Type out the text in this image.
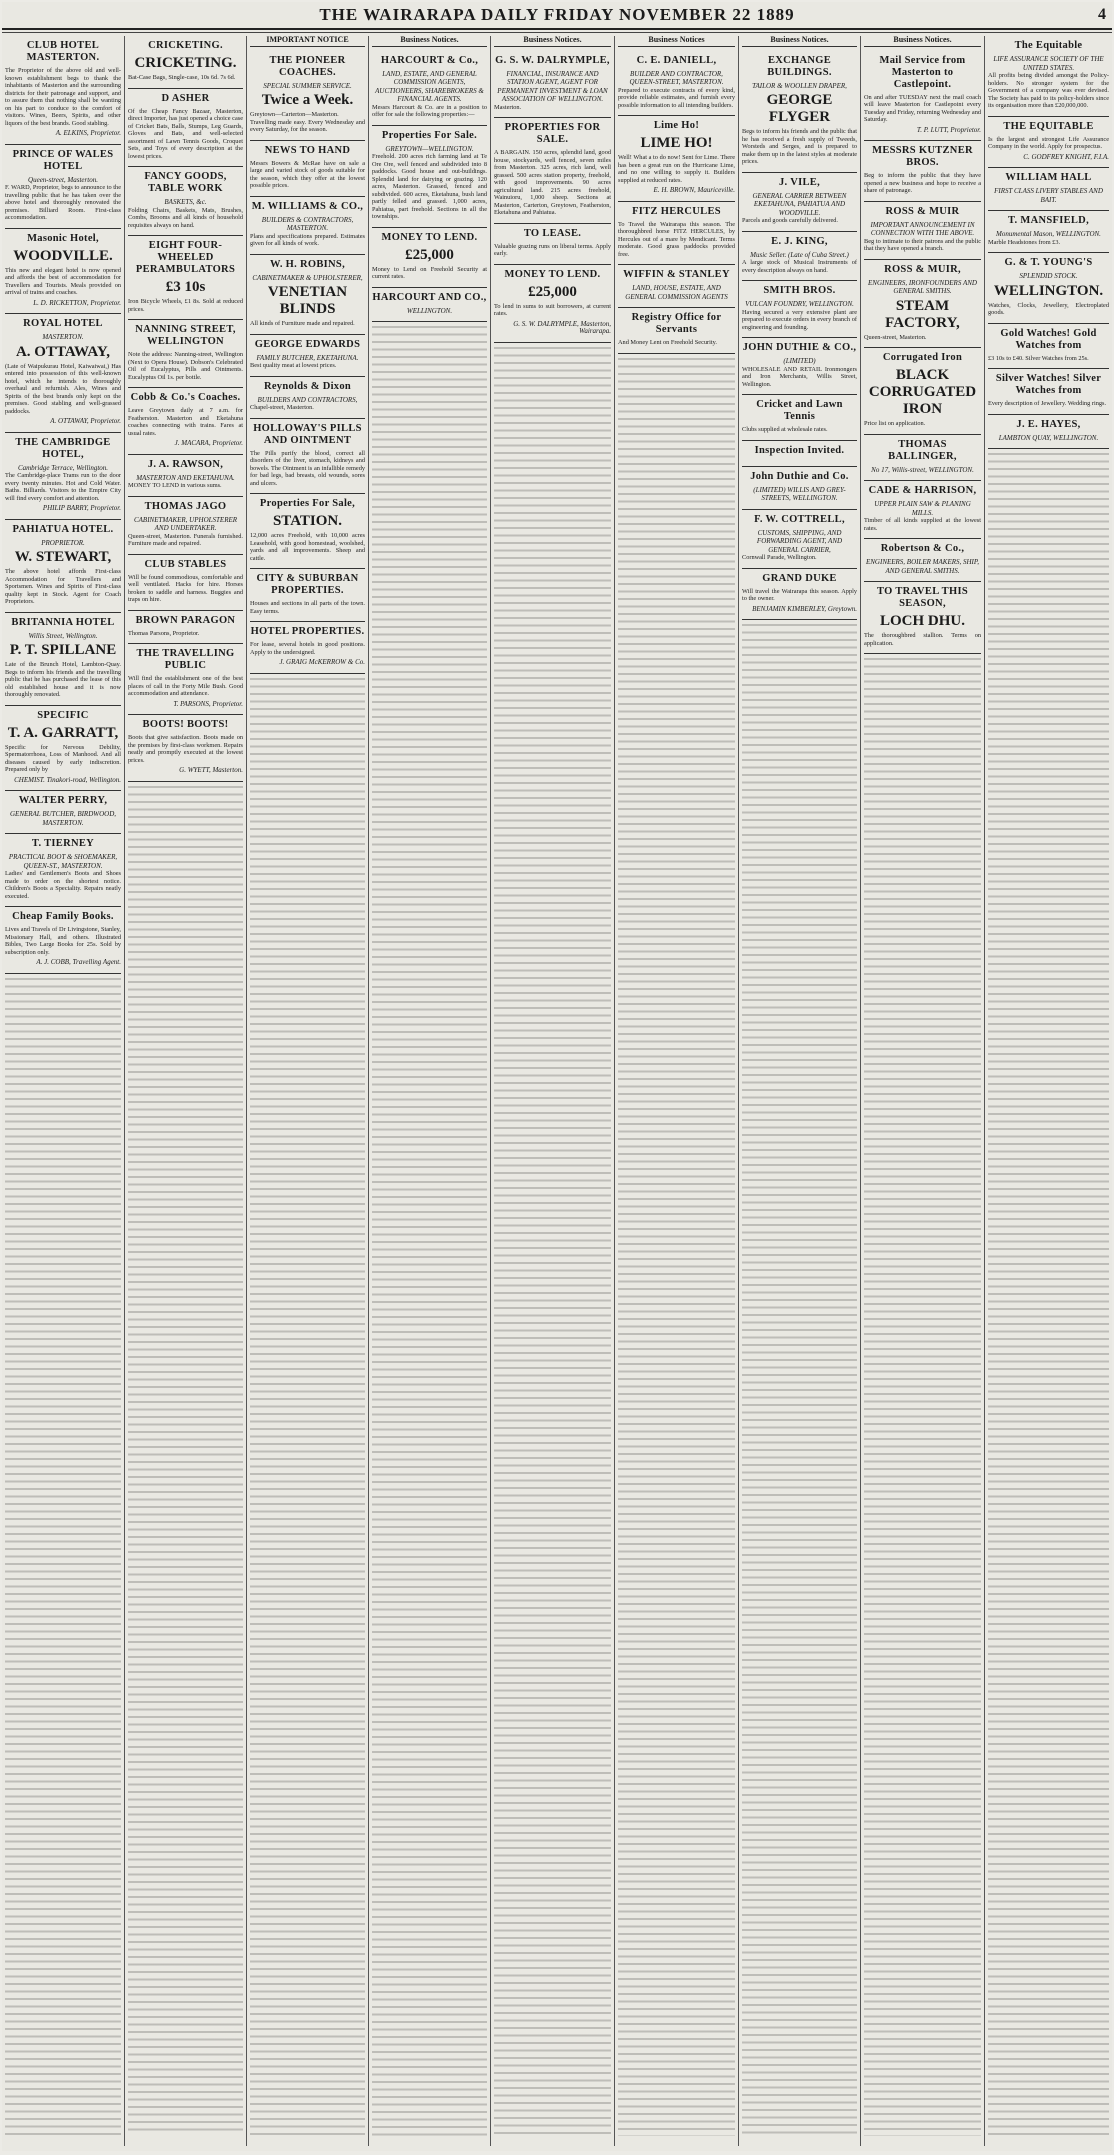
THE WAIRARAPA DAILY FRIDAY NOVEMBER 22 1889	4
CLUB HOTEL MASTERTON.

The Proprietor of the above old and well-known establishment begs to thank the inhabitants of Masterton and the surrounding districts for their patronage and support, and to assure them that nothing shall be wanting on his part to conduce to the comfort of visitors. Wines, Beers, Spirits, and other liquors of the best brands. Good stabling.

A. ELKINS, Proprietor.
PRINCE OF WALES HOTEL
Queen-street, Masterton.

F. WARD, Proprietor, begs to announce to the travelling public that he has taken over the above hotel and thoroughly renovated the premises. Billiard Room. First-class accommodation.

Masonic Hotel,
WOODVILLE.

This new and elegant hotel is now opened and affords the best of accommodation for Travellers and Tourists. Meals provided on arrival of trains and coaches.

L. D. RICKETTON, Proprietor.
ROYAL HOTEL
MASTERTON.
A. OTTAWAY,

(Late of Waipukurau Hotel, Kaiwaiwai,) Has entered into possession of this well-known hotel, which he intends to thoroughly overhaul and refurnish. Ales, Wines and Spirits of the best brands only kept on the premises. Good stabling and well-grassed paddocks.

A. OTTAWAY, Proprietor.
THE CAMBRIDGE HOTEL,
Cambridge Terrace, Wellington.

The Cambridge-place Trams run to the door every twenty minutes. Hot and Cold Water. Baths. Billiards. Visitors to the Empire City will find every comfort and attention.

PHILIP BARRY, Proprietor.
PAHIATUA HOTEL.
PROPRIETOR.
W. STEWART,

The above hotel affords First-class Accommodation for Travellers and Sportsmen. Wines and Spirits of First-class quality kept in Stock. Agent for Coach Proprietors.

BRITANNIA HOTEL
Willis Street, Wellington.
P. T. SPILLANE

Late of the Brunch Hotel, Lambton-Quay. Begs to inform his friends and the travelling public that he has purchased the lease of this old established house and it is now thoroughly renovated.

SPECIFIC
T. A. GARRATT,

Specific for Nervous Debility, Spermatorrhoea, Loss of Manhood. And all diseases caused by early indiscretion. Prepared only by

CHEMIST. Tinakori-road, Wellington.
WALTER PERRY,
GENERAL BUTCHER, BIRDWOOD, MASTERTON.
T. TIERNEY
PRACTICAL BOOT & SHOEMAKER, QUEEN-ST., MASTERTON.

Ladies' and Gentlemen's Boots and Shoes made to order on the shortest notice. Children's Boots a Speciality. Repairs neatly executed.

Cheap Family Books.

Lives and Travels of Dr Livingstone, Stanley, Missionary Hall, and others. Illustrated Bibles, Two Large Books for 25s. Sold by subscription only.

A. J. COBB, Travelling Agent.
CRICKETING.
CRICKETING.

Bat-Case Bags, Single-case, 10s 6d. 7s 6d.

D ASHER

Of the Cheap Fancy Bazaar, Masterton, direct Importer, has just opened a choice case of Cricket Bats, Balls, Stumps, Leg Guards, Gloves and Bats, and well-selected assortment of Lawn Tennis Goods, Croquet Sets, and Toys of every description at the lowest prices.

FANCY GOODS, TABLE WORK
BASKETS, &c.

Folding Chairs, Baskets, Mats, Brushes, Combs, Brooms and all kinds of household requisites always on hand.

EIGHT FOUR-WHEELED PERAMBULATORS
£3 10s

Iron Bicycle Wheels, £1 8s. Sold at reduced prices.

NANNING STREET, WELLINGTON

Note the address: Nanning-street, Wellington (Next to Opera House). Dobson's Celebrated Oil of Eucalyptus, Pills and Ointments. Eucalyptus Oil 1s. per bottle.

Cobb & Co.'s Coaches.

Leave Greytown daily at 7 a.m. for Featherston. Masterton and Eketahuna coaches connecting with trains. Fares at usual rates.

J. MACARA, Proprietor.
J. A. RAWSON,
MASTERTON AND EKETAHUNA.

MONEY TO LEND in various sums.

THOMAS JAGO
CABINETMAKER, UPHOLSTERER AND UNDERTAKER.

Queen-street, Masterton. Funerals furnished. Furniture made and repaired.

CLUB STABLES

Will be found commodious, comfortable and well ventilated. Hacks for hire. Horses broken to saddle and harness. Buggies and traps on hire.

BROWN PARAGON

Thomas Parsons, Proprietor.

THE TRAVELLING PUBLIC

Will find the establishment one of the best places of call in the Forty Mile Bush. Good accommodation and attendance.

T. PARSONS, Proprietor.
BOOTS! BOOTS!

Boots that give satisfaction. Boots made on the premises by first-class workmen. Repairs neatly and promptly executed at the lowest prices.

G. WYETT, Masterton.
IMPORTANT NOTICE
THE PIONEER COACHES.
SPECIAL SUMMER SERVICE.
Twice a Week.

Greytown—Carterton—Masterton. Travelling made easy. Every Wednesday and every Saturday, for the season.

NEWS TO HAND

Messrs Bowers & McRae have on sale a large and varied stock of goods suitable for the season, which they offer at the lowest possible prices.

M. WILLIAMS & CO.,
BUILDERS & CONTRACTORS, MASTERTON.

Plans and specifications prepared. Estimates given for all kinds of work.

W. H. ROBINS,
CABINETMAKER & UPHOLSTERER,
VENETIAN BLINDS

All kinds of Furniture made and repaired.

GEORGE EDWARDS
FAMILY BUTCHER, EKETAHUNA.

Best quality meat at lowest prices.

Reynolds & Dixon
BUILDERS AND CONTRACTORS,

Chapel-street, Masterton.

HOLLOWAY'S PILLS AND OINTMENT

The Pills purify the blood, correct all disorders of the liver, stomach, kidneys and bowels. The Ointment is an infallible remedy for bad legs, bad breasts, old wounds, sores and ulcers.

Properties For Sale,
STATION.

12,000 acres Freehold, with 10,000 acres Leasehold, with good homestead, woolshed, yards and all improvements. Sheep and cattle.

CITY & SUBURBAN PROPERTIES.

Houses and sections in all parts of the town. Easy terms.

HOTEL PROPERTIES.

For lease, several hotels in good positions. Apply to the undersigned.

J. GRAIG McKERROW & Co.
Business Notices.
HARCOURT & Co.,
LAND, ESTATE, AND GENERAL COMMISSION AGENTS, AUCTIONEERS, SHAREBROKERS & FINANCIAL AGENTS.

Messrs Harcourt & Co. are in a position to offer for sale the following properties:—

Properties For Sale.
GREYTOWN—WELLINGTON.

Freehold. 200 acres rich farming land at Te Ore Ore, well fenced and subdivided into 8 paddocks. Good house and out-buildings. Splendid land for dairying or grazing. 120 acres, Masterton. Grassed, fenced and subdivided. 600 acres, Eketahuna, bush land partly felled and grassed. 1,000 acres, Pahiatua, part freehold. Sections in all the townships.

MONEY TO LEND.
£25,000

Money to Lend on Freehold Security at current rates.

HARCOURT AND CO.,
WELLINGTON.
Business Notices.
G. S. W. DALRYMPLE,
FINANCIAL, INSURANCE AND STATION AGENT, AGENT FOR PERMANENT INVESTMENT & LOAN ASSOCIATION OF WELLINGTON.

Masterton.

PROPERTIES FOR SALE.

A BARGAIN. 150 acres, splendid land, good house, stockyards, well fenced, seven miles from Masterton. 325 acres, rich land, well grassed. 500 acres station property, freehold, with good improvements. 90 acres agricultural land. 215 acres freehold, Wainuioru, 1,000 sheep. Sections at Masterton, Carterton, Greytown, Featherston, Eketahuna and Pahiatua.

TO LEASE.

Valuable grazing runs on liberal terms. Apply early.

MONEY TO LEND.
£25,000

To lend in sums to suit borrowers, at current rates.

G. S. W. DALRYMPLE, Masterton, Wairarapa.
Business Notices
C. E. DANIELL,
BUILDER AND CONTRACTOR, QUEEN-STREET, MASTERTON.

Prepared to execute contracts of every kind, provide reliable estimates, and furnish every possible information to all intending builders.

Lime Ho!
LIME HO!

Well! What a to do now! Sent for Lime. There has been a great run on the Hurricane Lime, and no one willing to supply it. Builders supplied at reduced rates.

E. H. BROWN, Mauriceville.
FITZ HERCULES

To Travel the Wairarapa this season. The thoroughbred horse FITZ HERCULES, by Hercules out of a mare by Mendicant. Terms moderate. Good grass paddocks provided free.

WIFFIN & STANLEY
LAND, HOUSE, ESTATE, AND GENERAL COMMISSION AGENTS
Registry Office for Servants

And Money Lent on Freehold Security.

Business Notices.
EXCHANGE BUILDINGS.
TAILOR & WOOLLEN DRAPER,
GEORGE FLYGER

Begs to inform his friends and the public that he has received a fresh supply of Tweeds, Worsteds and Serges, and is prepared to make them up in the latest styles at moderate prices.

J. VILE,
GENERAL CARRIER BETWEEN EKETAHUNA, PAHIATUA AND WOODVILLE.

Parcels and goods carefully delivered.

E. J. KING,
Music Seller. (Late of Cuba Street.)

A large stock of Musical Instruments of every description always on hand.

SMITH BROS.
VULCAN FOUNDRY, WELLINGTON.

Having secured a very extensive plant are prepared to execute orders in every branch of engineering and founding.

JOHN DUTHIE & CO.,
(LIMITED)

WHOLESALE AND RETAIL Ironmongers and Iron Merchants, Willis Street, Wellington.

Cricket and Lawn Tennis

Clubs supplied at wholesale rates.

Inspection Invited.
John Duthie and Co.
(LIMITED) WILLIS AND GREY-STREETS, WELLINGTON.
F. W. COTTRELL,
CUSTOMS, SHIPPING, AND FORWARDING AGENT, AND GENERAL CARRIER,

Cornwall Parade, Wellington.

GRAND DUKE

Will travel the Wairarapa this season. Apply to the owner.

BENJAMIN KIMBERLEY, Greytown.
Business Notices.
Mail Service from Masterton to Castlepoint.

On and after TUESDAY next the mail coach will leave Masterton for Castlepoint every Tuesday and Friday, returning Wednesday and Saturday.

T. P. LUTT, Proprietor.
MESSRS KUTZNER BROS.

Beg to inform the public that they have opened a new business and hope to receive a share of patronage.

ROSS & MUIR
IMPORTANT ANNOUNCEMENT IN CONNECTION WITH THE ABOVE.

Beg to intimate to their patrons and the public that they have opened a branch.

ROSS & MUIR,
ENGINEERS, IRONFOUNDERS AND GENERAL SMITHS.
STEAM FACTORY,

Queen-street, Masterton.

Corrugated Iron
BLACK CORRUGATED IRON

Price list on application.

THOMAS BALLINGER,
No 17, Willis-street, WELLINGTON.
CADE & HARRISON,
UPPER PLAIN SAW & PLANING MILLS.

Timber of all kinds supplied at the lowest rates.

Robertson & Co.,
ENGINEERS, BOILER MAKERS, SHIP, AND GENERAL SMITHS.
TO TRAVEL THIS SEASON,
LOCH DHU.

The thoroughbred stallion. Terms on application.

The Equitable
LIFE ASSURANCE SOCIETY OF THE UNITED STATES.

All profits being divided amongst the Policy-holders. No stronger system for the Government of a company was ever devised. The Society has paid to its policy-holders since its organisation more than £20,000,000.

THE EQUITABLE

Is the largest and strongest Life Assurance Company in the world. Apply for prospectus.

C. GODFREY KNIGHT, F.I.A.
WILLIAM HALL
FIRST CLASS LIVERY STABLES AND BAIT.
T. MANSFIELD,
Monumental Mason, WELLINGTON.

Marble Headstones from £3.

G. & T. YOUNG'S
SPLENDID STOCK.
WELLINGTON.

Watches, Clocks, Jewellery, Electroplated goods.

Gold Watches! Gold Watches from

£3 10s to £40. Silver Watches from 25s.

Silver Watches! Silver Watches from

Every description of Jewellery. Wedding rings.

J. E. HAYES,
LAMBTON QUAY, WELLINGTON.
